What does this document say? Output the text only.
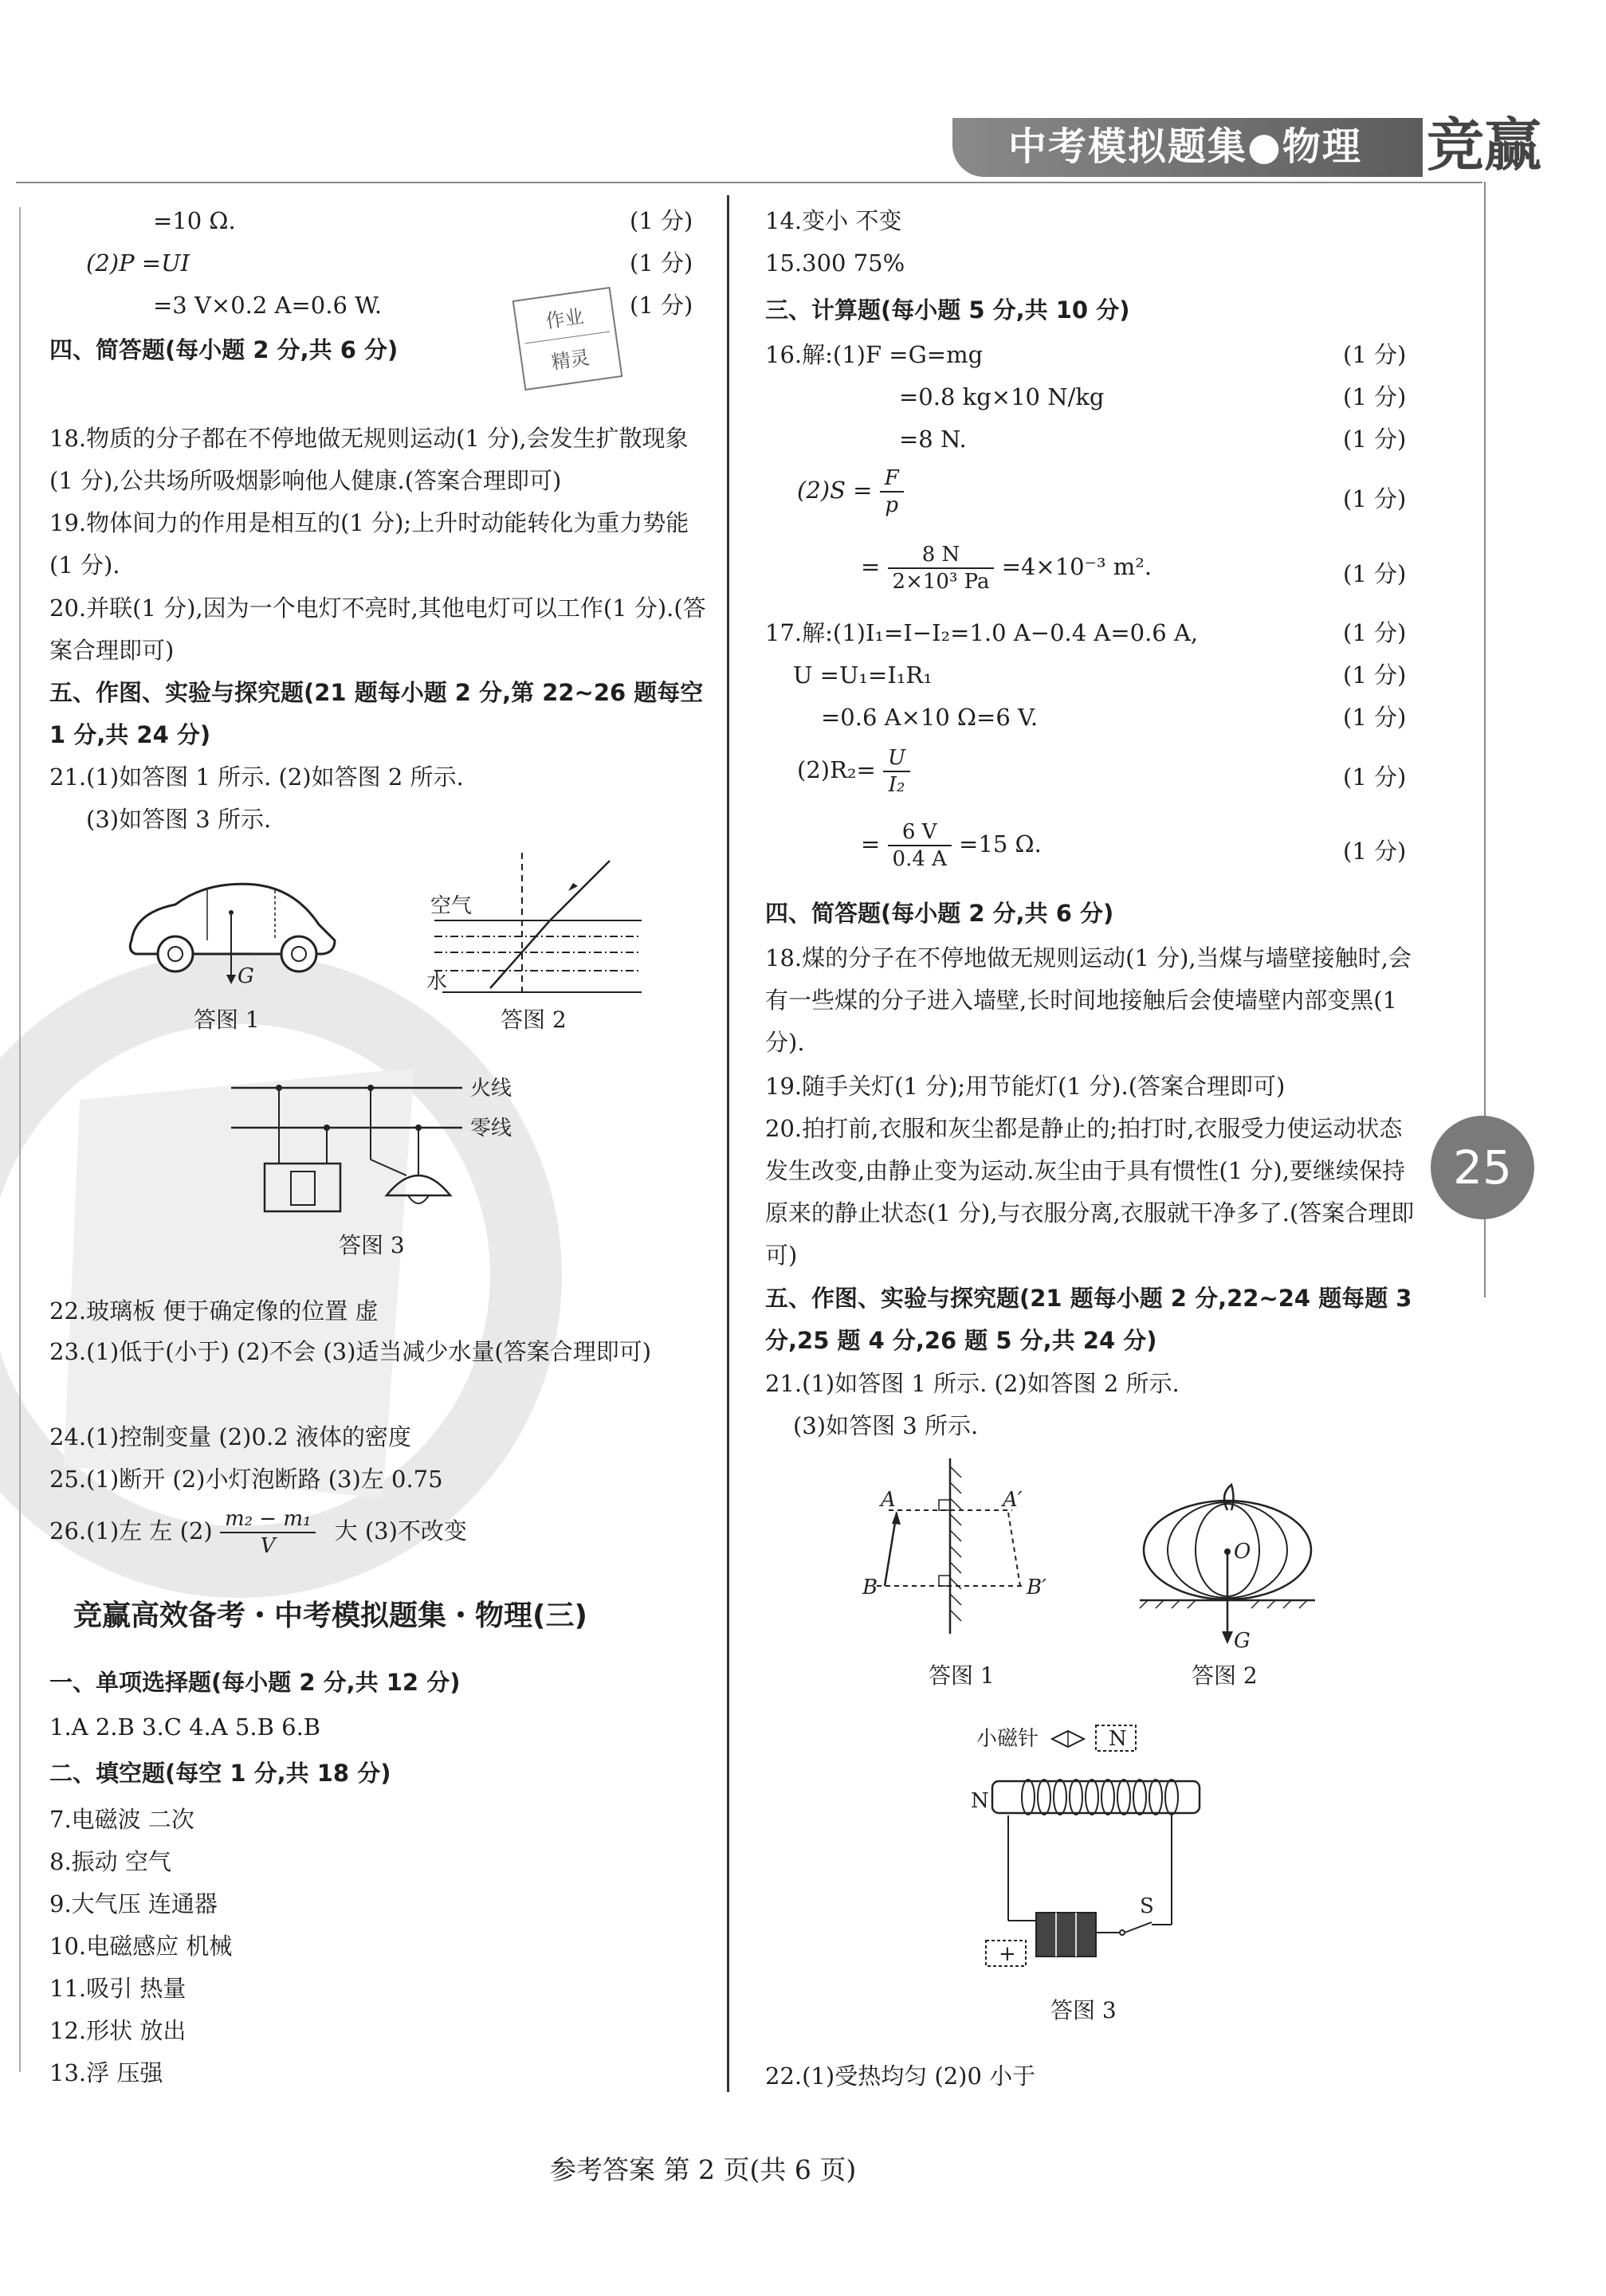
中考模拟题集●物理 竞赢
25
作业
精灵
=10 Ω.	(1 分)
(2)P =UI	(1 分)
=3 V×0.2 A=0.6 W.	(1 分)
四、简答题(每小题 2 分,共 6 分)
18.物质的分子都在不停地做无规则运动(1 分),会发生扩散现象(1 分),公共场所吸烟影响他人健康.(答案合理即可)
19.物体间力的作用是相互的(1 分);上升时动能转化为重力势能(1 分).
20.并联(1 分),因为一个电灯不亮时,其他电灯可以工作(1 分).(答案合理即可)
五、作图、实验与探究题(21 题每小题 2 分,第 22~26 题每空 1 分,共 24 分)
21.(1)如答图 1 所示. (2)如答图 2 所示.
(3)如答图 3 所示.
G
答图 1
空气
水
答图 2
火线
零线
答图 3
22.玻璃板 便于确定像的位置 虚
23.(1)低于(小于) (2)不会 (3)适当减少水量(答案合理即可)
24.(1)控制变量 (2)0.2 液体的密度
25.(1)断开 (2)小灯泡断路 (3)左 0.75
26.(1)左 左 $(2) \frac{\text{m₂ − m₁}}{V}$ 大 (3)不改变
竞赢高效备考・中考模拟题集・物理(三)
一、单项选择题(每小题 2 分,共 12 分)
1.A 2.B 3.C 4.A 5.B 6.B
二、填空题(每空 1 分,共 18 分)
7.电磁波 二次
8.振动 空气
9.大气压 连通器
10.电磁感应 机械
11.吸引 热量
12.形状 放出
13.浮 压强
14.变小 不变
15.300 75%
三、计算题(每小题 5 分,共 10 分)
16.解:(1)F =G=mg	(1 分)
=0.8 kg×10 N/kg	(1 分)
=8 N.	(1 分)
$(2)S = \frac{F}{p}$	(1 分)
= $\frac{8 N}{\text{2×10³ Pa}} =4\times 10^{-3}$ m².	(1 分)
17.解:(1)I₁=I−I₂=1.0 A−0.4 A=0.6 A,	(1 分)
U =U₁=I₁R₁	(1 分)
=0.6 A×10 Ω=6 V.	(1 分)
$(2)R_2= \frac{U}{\text{I₂}}$	(1 分)
= $\frac{6 V}{0.4 A} =15$ Ω.	(1 分)
四、简答题(每小题 2 分,共 6 分)
18.煤的分子在不停地做无规则运动(1 分),当煤与墙壁接触时,会有一些煤的分子进入墙壁,长时间地接触后会使墙壁内部变黑(1 分).
19.随手关灯(1 分);用节能灯(1 分).(答案合理即可)
20.拍打前,衣服和灰尘都是静止的;拍打时,衣服受力使运动状态发生改变,由静止变为运动.灰尘由于具有惯性(1 分),要继续保持原来的静止状态(1 分),与衣服分离,衣服就干净多了.(答案合理即可)
五、作图、实验与探究题(21 题每小题 2 分,22~24 题每题 3 分,25 题 4 分,26 题 5 分,共 24 分)
21.(1)如答图 1 所示. (2)如答图 2 所示.
(3)如答图 3 所示.
A	A′
B	B′
答图 1
O
G
答图 2
小磁针	N
N
S
+
答图 3
22.(1)受热均匀 (2)0 小于
参考答案 第 2 页(共 6 页)
